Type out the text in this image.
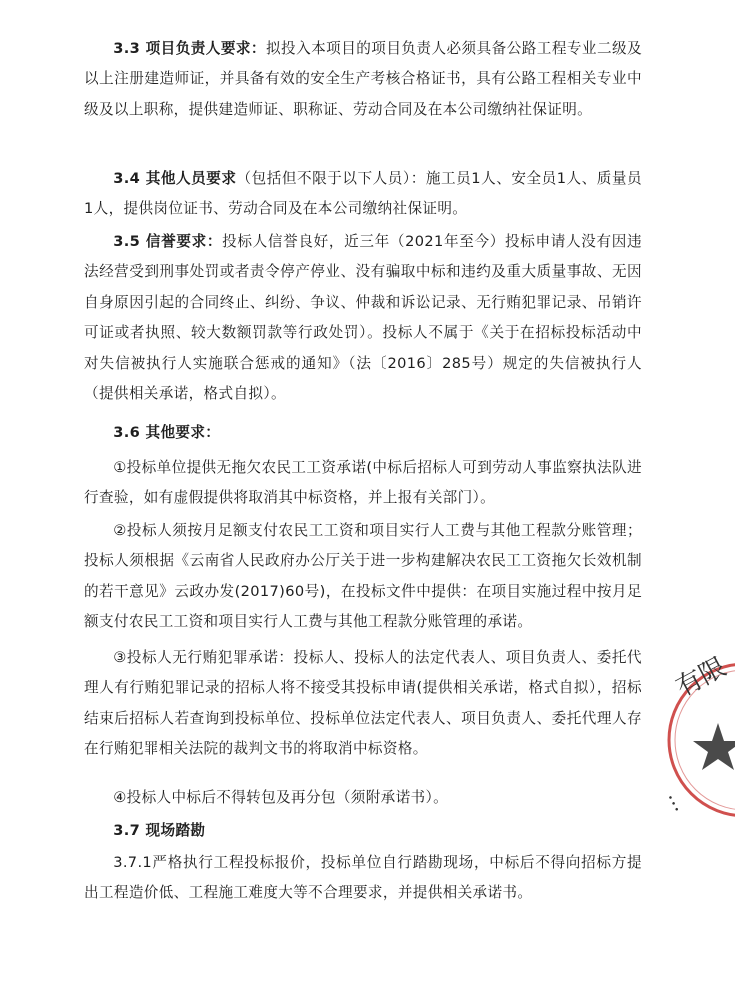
3.3 项目负责人要求：拟投入本项目的项目负责人必须具备公路工程专业二级及以上注册建造师证，并具备有效的安全生产考核合格证书，具有公路工程相关专业中级及以上职称，提供建造师证、职称证、劳动合同及在本公司缴纳社保证明。

3.4 其他人员要求（包括但不限于以下人员）：施工员1人、安全员1人、质量员1人，提供岗位证书、劳动合同及在本公司缴纳社保证明。

3.5 信誉要求：投标人信誉良好，近三年（2021年至今）投标申请人没有因违法经营受到刑事处罚或者责令停产停业、没有骗取中标和违约及重大质量事故、无因自身原因引起的合同终止、纠纷、争议、仲裁和诉讼记录、无行贿犯罪记录、吊销许可证或者执照、较大数额罚款等行政处罚）。投标人不属于《关于在招标投标活动中对失信被执行人实施联合惩戒的通知》（法〔2016〕285号）规定的失信被执行人（提供相关承诺，格式自拟）。

3.6 其他要求：

①投标单位提供无拖欠农民工工资承诺(中标后招标人可到劳动人事监察执法队进行查验，如有虚假提供将取消其中标资格，并上报有关部门）。

②投标人须按月足额支付农民工工资和项目实行人工费与其他工程款分账管理；投标人须根据《云南省人民政府办公厅关于进一步构建解决农民工工资拖欠长效机制的若干意见》云政办发(2017)60号)，在投标文件中提供：在项目实施过程中按月足额支付农民工工资和项目实行人工费与其他工程款分账管理的承诺。

③投标人无行贿犯罪承诺：投标人、投标人的法定代表人、项目负责人、委托代理人有行贿犯罪记录的招标人将不接受其投标申请(提供相关承诺，格式自拟），招标结束后招标人若查询到投标单位、投标单位法定代表人、项目负责人、委托代理人存在行贿犯罪相关法院的裁判文书的将取消中标资格。

④投标人中标后不得转包及再分包（须附承诺书）。

3.7 现场踏勘

3.7.1严格执行工程投标报价，投标单位自行踏勘现场，中标后不得向招标方提出工程造价低、工程施工难度大等不合理要求，并提供相关承诺书。

有限
…
